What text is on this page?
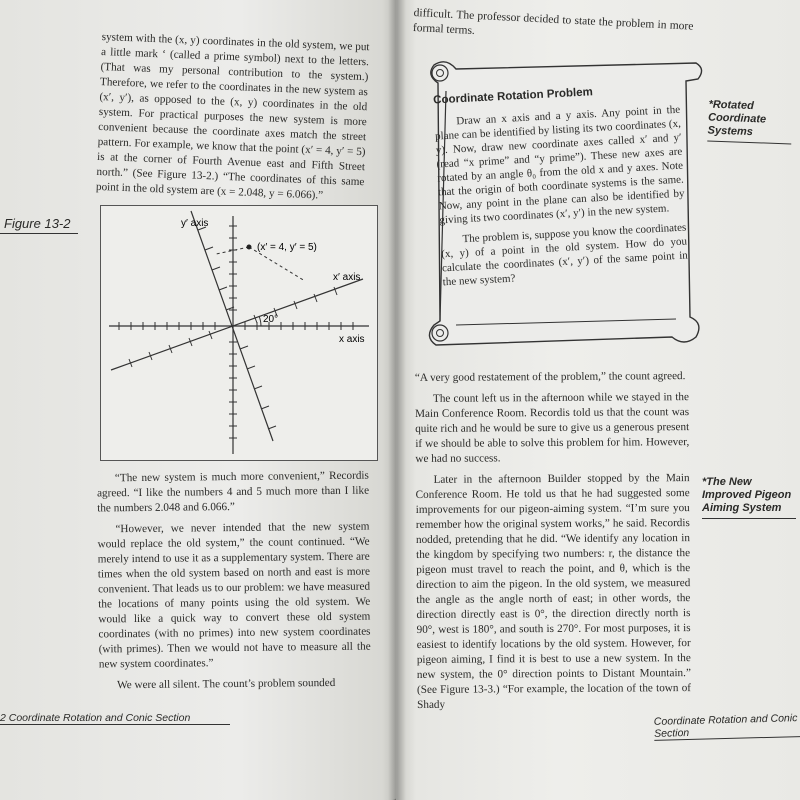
system with the (x, y) coordinates in the old system, we put a little mark ‘ (called a prime symbol) next to the letters. (That was my personal contribution to the system.) Therefore, we refer to the coordinates in the new system as (x′, y′), as opposed to the (x, y) coordinates in the old system. For practical purposes the new system is more convenient because the coordinate axes match the street pattern. For example, we know that the point (x′ = 4, y′ = 5) is at the corner of Fourth Avenue east and Fifth Street north.” (See Figure 13-2.) “The coordinates of this same point in the old system are (x = 2.048, y = 6.066).”

Figure 13-2	y′ axis
(x′ = 4, y′ = 5)
x′ axis
x axis
20°

“The new system is much more convenient,” Recordis agreed. “I like the numbers 4 and 5 much more than I like the numbers 2.048 and 6.066.”

“However, we never intended that the new system would replace the old system,” the count continued. “We merely intend to use it as a supplementary system. There are times when the old system based on north and east is more convenient. That leads us to our problem: we have measured the locations of many points using the old system. We would like a quick way to convert these old system coordinates (with no primes) into new system coordinates (with primes). Then we would not have to measure all the new system coordinates.”

We were all silent. The count’s problem sounded

2 Coordinate Rotation and Conic Section

difficult. The professor decided to state the problem in more formal terms.

Coordinate Rotation Problem

Draw an x axis and a y axis. Any point in the plane can be identified by listing its two coordinates (x, y). Now, draw new coordinate axes called x′ and y′ (read “x prime” and “y prime”). These new axes are rotated by an angle θ₀ from the old x and y axes. Note that the origin of both coordinate systems is the same. Now, any point in the plane can also be identified by giving its two coordinates (x′, y′) in the new system.

The problem is, suppose you know the coordinates (x, y) of a point in the old system. How do you calculate the coordinates (x′, y′) of the same point in the new system?

*Rotated Coordinate Systems
*The New Improved Pigeon Aiming System

“A very good restatement of the problem,” the count agreed.

The count left us in the afternoon while we stayed in the Main Conference Room. Recordis told us that the count was quite rich and he would be sure to give us a generous present if we should be able to solve this problem for him. However, we had no success.

Later in the afternoon Builder stopped by the Main Conference Room. He told us that he had suggested some improvements for our pigeon-aiming system. “I’m sure you remember how the original system works,” he said. Recordis nodded, pretending that he did. “We identify any location in the kingdom by specifying two numbers: r, the distance the pigeon must travel to reach the point, and θ, which is the direction to aim the pigeon. In the old system, we measured the angle as the angle north of east; in other words, the direction directly east is 0°, the direction directly north is 90°, west is 180°, and south is 270°. For most purposes, it is easiest to identify locations by the old system. However, for pigeon aiming, I find it is best to use a new system. In the new system, the 0° direction points to Distant Mountain.” (See Figure 13-3.) “For example, the location of the town of Shady

Coordinate Rotation and Conic Section
